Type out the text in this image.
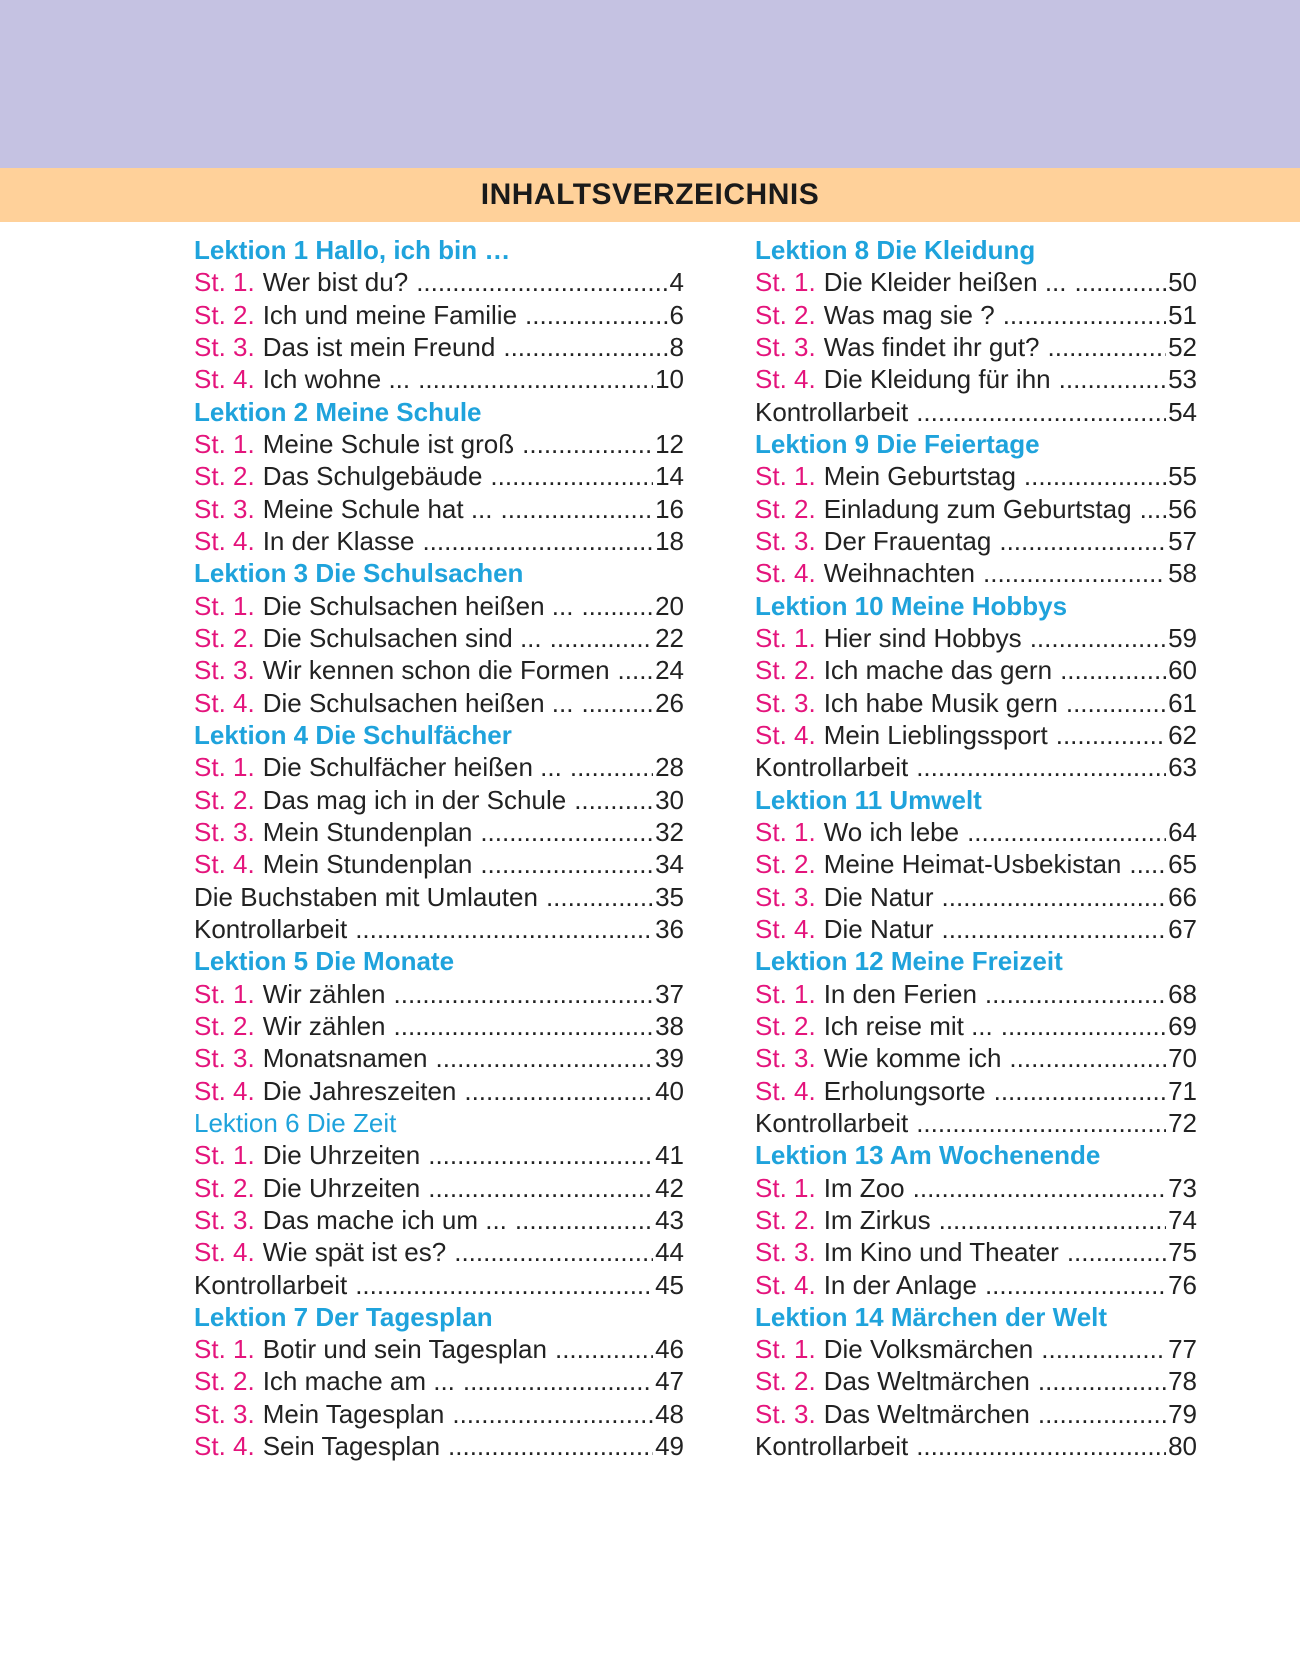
INHALTSVERZEICHNIS
Lektion 1 Hallo, ich bin …
St. 1. Wer bist du? .....	4
St. 2. Ich und meine Familie .....	6
St. 3. Das ist mein Freund .....	8
St. 4. Ich wohne ... .....	10
Lektion 2 Meine Schule
St. 1. Meine Schule ist groß .....	12
St. 2. Das Schulgebäude .....	14
St. 3. Meine Schule hat ... .....	16
St. 4. In der Klasse .....	18
Lektion 3 Die Schulsachen
St. 1. Die Schulsachen heißen ... .....	20
St. 2. Die Schulsachen sind ... .....	22
St. 3. Wir kennen schon die Formen ..... 24
St. 4. Die Schulsachen heißen ... .....	26
Lektion 4 Die Schulfächer
St. 1. Die Schulfächer heißen ... .....	28
St. 2. Das mag ich in der Schule .....	30
St. 3. Mein Stundenplan .....	32
St. 4. Mein Stundenplan .....	34
Die Buchstaben mit Umlauten .....	35
Kontrollarbeit .....	36
Lektion 5 Die Monate
St. 1. Wir zählen .....	37
St. 2. Wir zählen .....	38
St. 3. Monatsnamen .....	39
St. 4. Die Jahreszeiten .....	40
Lektion 6 Die Zeit
St. 1. Die Uhrzeiten .....	41
St. 2. Die Uhrzeiten .....	42
St. 3. Das mache ich um ... .....	43
St. 4. Wie spät ist es? .....	44
Kontrollarbeit .....	45
Lektion 7 Der Tagesplan
St. 1. Botir und sein Tagesplan .....	46
St. 2. Ich mache am ... .....	47
St. 3. Mein Tagesplan .....	48
St. 4. Sein Tagesplan .....	49
Lektion 8 Die Kleidung
St. 1. Die Kleider heißen ... .....	50
St. 2. Was mag sie ? .....	51
St. 3. Was findet ihr gut? .....	52
St. 4. Die Kleidung für ihn .....	53
Kontrollarbeit .....	54
Lektion 9 Die Feiertage
St. 1. Mein Geburtstag .....	55
St. 2. Einladung zum Geburtstag ..... 56
St. 3. Der Frauentag .....	57
St. 4. Weihnachten .....	58
Lektion 10 Meine Hobbys
St. 1. Hier sind Hobbys .....	59
St. 2. Ich mache das gern .....	60
St. 3. Ich habe Musik gern .....	61
St. 4. Mein Lieblingssport .....	62
Kontrollarbeit .....	63
Lektion 11 Umwelt
St. 1. Wo ich lebe .....	64
St. 2. Meine Heimat-Usbekistan ..... 65
St. 3. Die Natur .....	66
St. 4. Die Natur .....	67
Lektion 12 Meine Freizeit
St. 1. In den Ferien .....	68
St. 2. Ich reise mit ... .....	69
St. 3. Wie komme ich .....	70
St. 4. Erholungsorte .....	71
Kontrollarbeit .....	72
Lektion 13 Am Wochenende
St. 1. Im Zoo .....	73
St. 2. Im Zirkus .....	74
St. 3. Im Kino und Theater .....	75
St. 4. In der Anlage .....	76
Lektion 14 Märchen der Welt
St. 1. Die Volksmärchen .....	77
St. 2. Das Weltmärchen .....	78
St. 3. Das Weltmärchen .....	79
Kontrollarbeit .....	80
